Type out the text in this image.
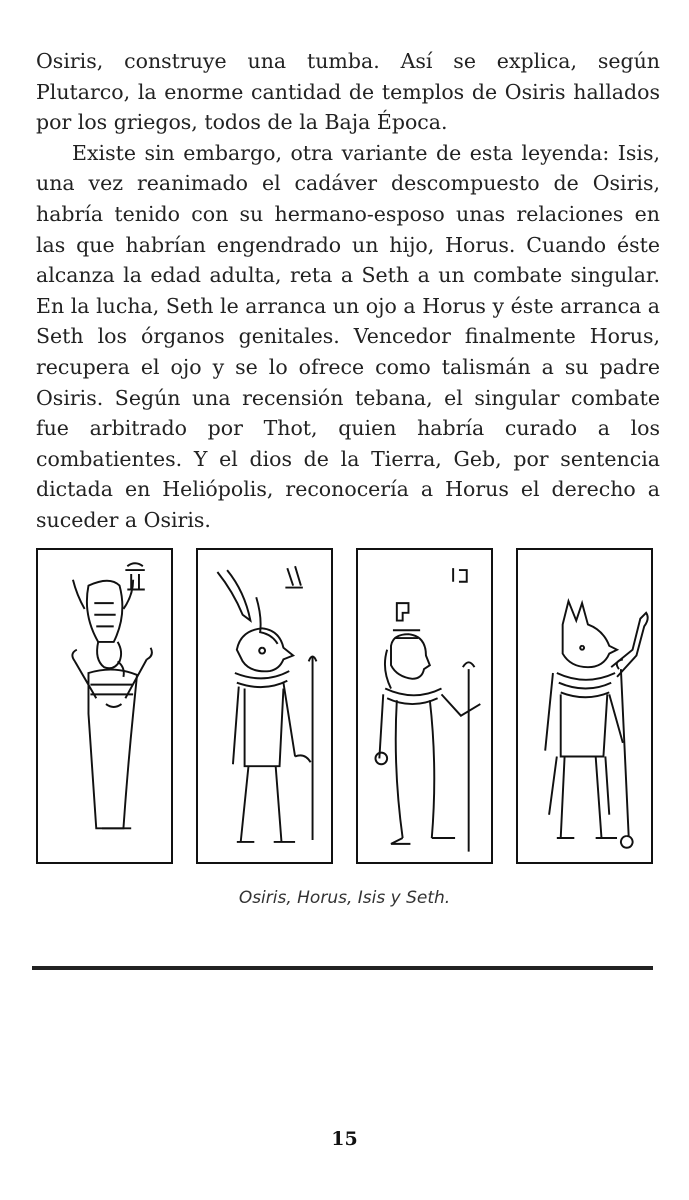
Osiris, construye una tumba. Así se explica, según Plutarco, la enorme cantidad de templos de Osiris hallados por los griegos, todos de la Baja Época.

Existe sin embargo, otra variante de esta leyenda: Isis, una vez reanimado el cadáver descompuesto de Osiris, habría tenido con su hermano-esposo unas relaciones en las que habrían engendrado un hijo, Horus. Cuando éste alcanza la edad adulta, reta a Seth a un combate singular. En la lucha, Seth le arranca un ojo a Horus y éste arranca a Seth los órganos genitales. Vencedor finalmente Horus, recupera el ojo y se lo ofrece como talismán a su padre Osiris. Según una recensión tebana, el singular combate fue arbitrado por Thot, quien habría curado a los combatientes. Y el dios de la Tierra, Geb, por sentencia dictada en Heliópolis, reconocería a Horus el derecho a suceder a Osiris.

Osiris, Horus, Isis y Seth.
15
